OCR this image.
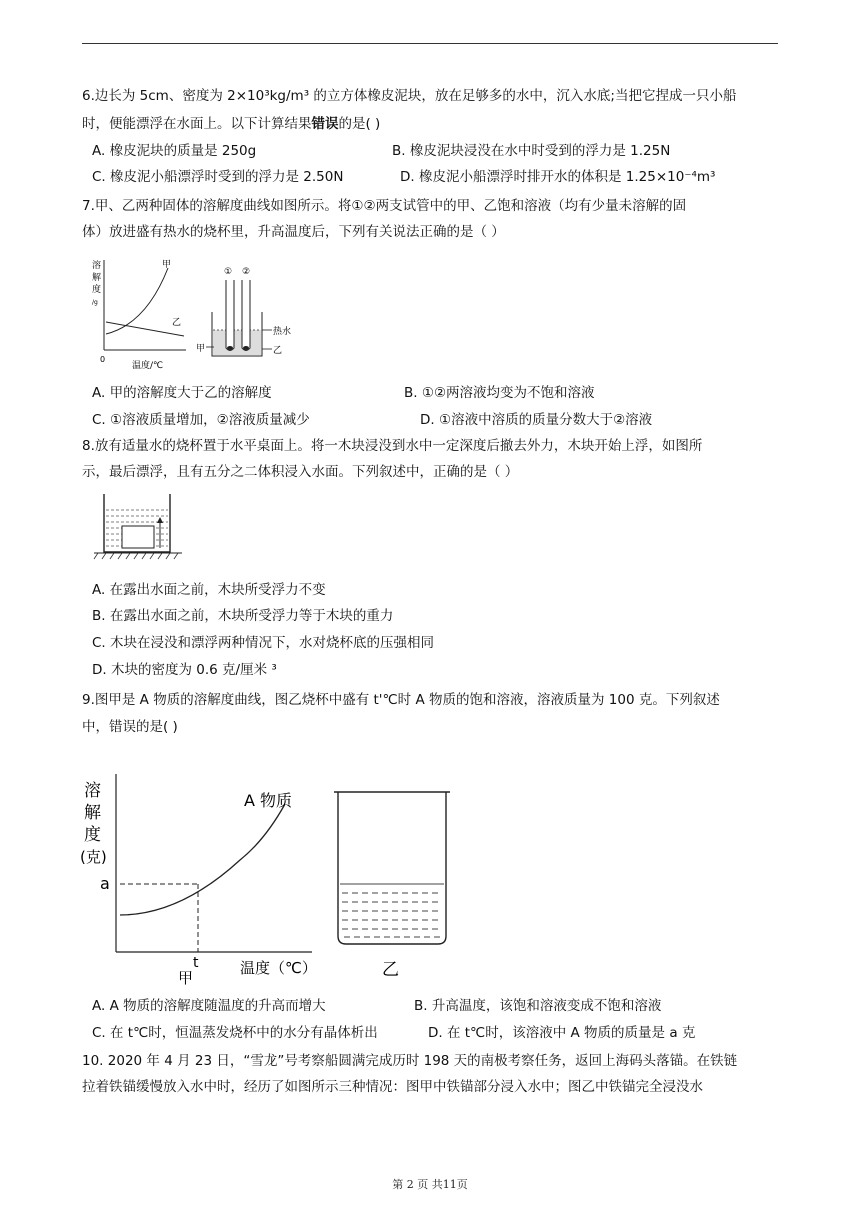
6.边长为 5cm、密度为 2×10³kg/m³ 的立方体橡皮泥块，放在足够多的水中，沉入水底;当把它捏成一只小船
时，便能漂浮在水面上。以下计算结果错误的是( )
A. 橡皮泥块的质量是 250g	B. 橡皮泥块浸没在水中时受到的浮力是 1.25N
C. 橡皮泥小船漂浮时受到的浮力是 2.50N	D. 橡皮泥小船漂浮时排开水的体积是 1.25×10⁻⁴m³
7.甲、乙两种固体的溶解度曲线如图所示。将①②两支试管中的甲、乙饱和溶液（均有少量未溶解的固
体）放进盛有热水的烧杯里，升高温度后，下列有关说法正确的是（ ）
溶
解
度
/g
甲
乙
0
温度/℃
① ②
热水
甲	乙
A. 甲的溶解度大于乙的溶解度	B. ①②两溶液均变为不饱和溶液
C. ①溶液质量增加，②溶液质量减少	D. ①溶液中溶质的质量分数大于②溶液
8.放有适量水的烧杯置于水平桌面上。将一木块浸没到水中一定深度后撤去外力，木块开始上浮，如图所
示，最后漂浮，且有五分之二体积浸入水面。下列叙述中，正确的是（ ）
A. 在露出水面之前，木块所受浮力不变
B. 在露出水面之前，木块所受浮力等于木块的重力
C. 木块在浸没和漂浮两种情况下，水对烧杯底的压强相同
D. 木块的密度为 0.6 克/厘米 ³
9.图甲是 A 物质的溶解度曲线，图乙烧杯中盛有 t'℃时 A 物质的饱和溶液，溶液质量为 100 克。下列叙述
中，错误的是( )
溶
解
度
(克)
A 物质
a
t
甲
温度（℃）	乙
A. A 物质的溶解度随温度的升高而增大	B. 升高温度，该饱和溶液变成不饱和溶液
C. 在 t℃时，恒温蒸发烧杯中的水分有晶体析出	D. 在 t℃时，该溶液中 A 物质的质量是 a 克
10. 2020 年 4 月 23 日，“雪龙”号考察船圆满完成历时 198 天的南极考察任务，返回上海码头落锚。在铁链
拉着铁锚缓慢放入水中时，经历了如图所示三种情况：图甲中铁锚部分浸入水中；图乙中铁锚完全浸没水
第 2 页 共11页
